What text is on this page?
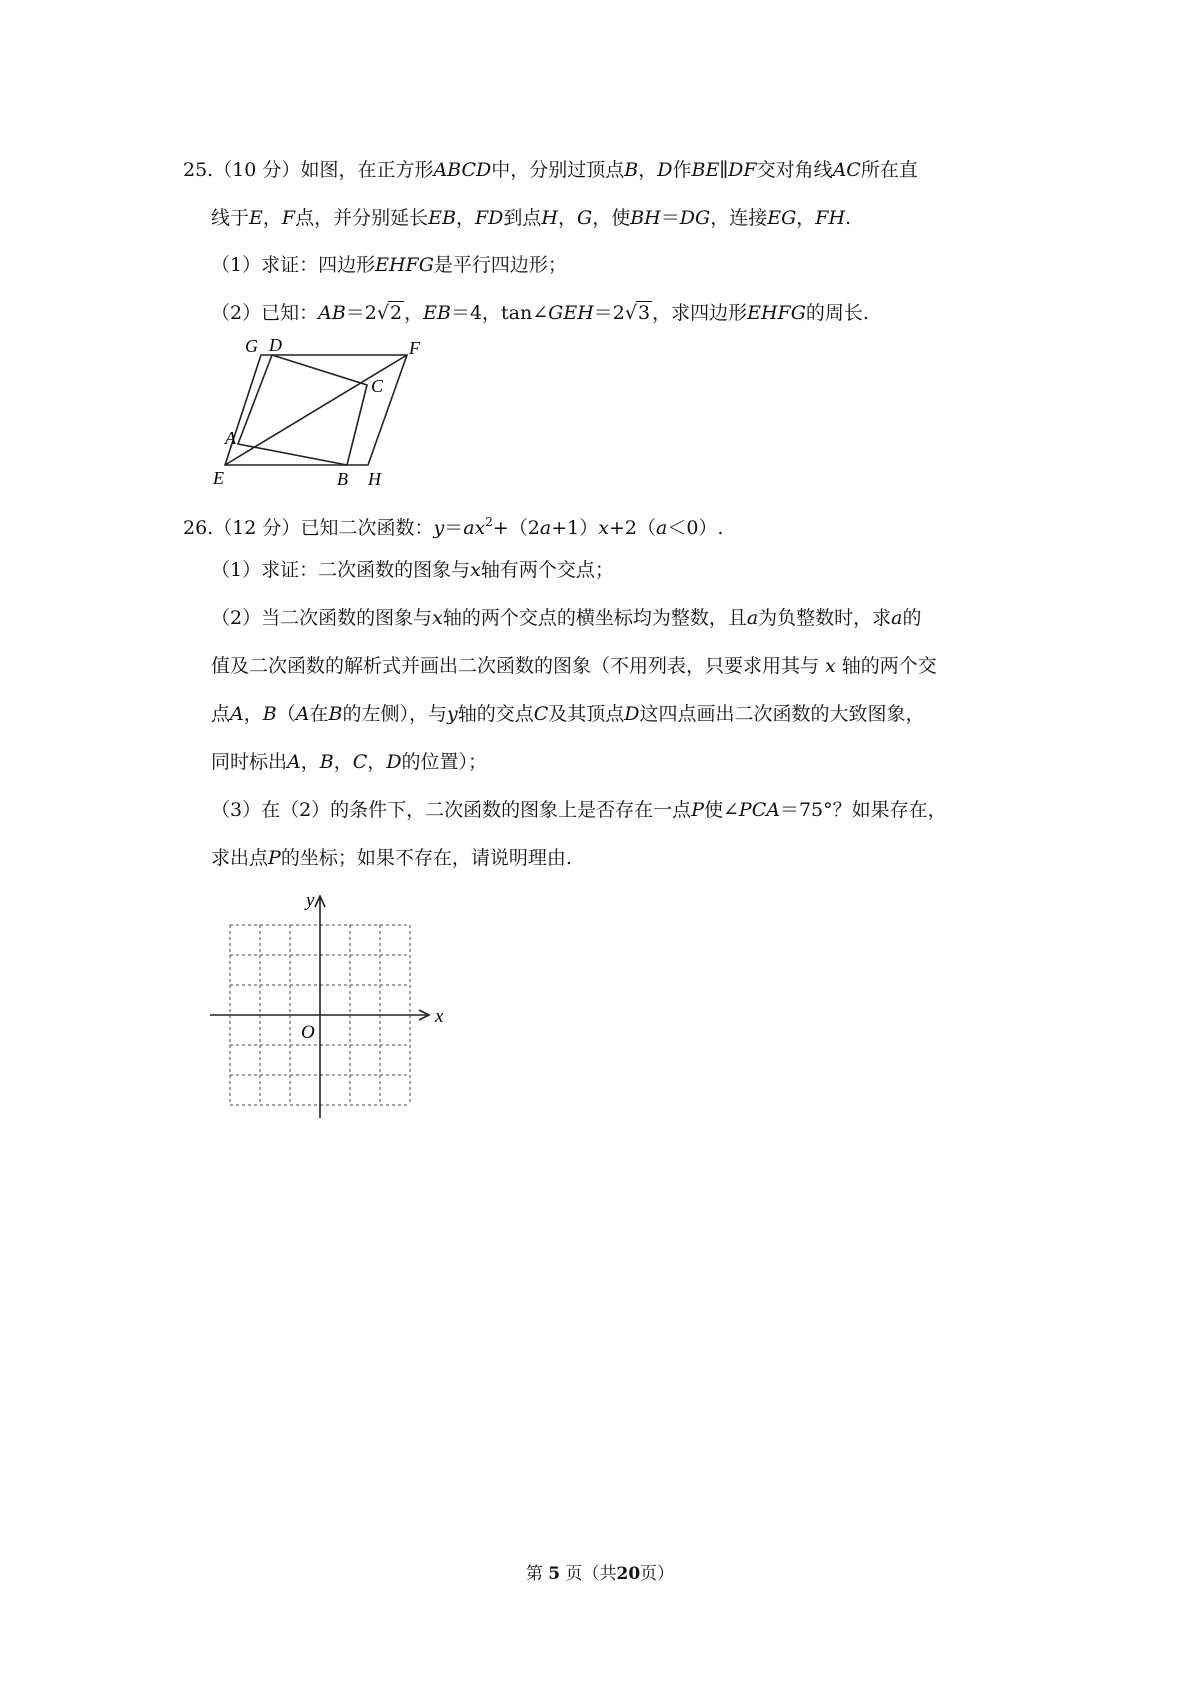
25.（10 分）如图，在正方形ABCD中，分别过顶点B，D作BE∥DF交对角线AC所在直
线于E，F点，并分别延长EB，FD到点H，G，使BH＝DG，连接EG，FH.
（1）求证：四边形EHFG是平行四边形；
（2）已知：AB＝2√2 ，EB＝4，tan∠GEH＝2√3 ，求四边形EHFG的周长.
G D	F
C
A
E	B H
26.（12 分）已知二次函数：$y=ax^2+(2a+1)x+2(a<0)$.
（1）求证：二次函数的图象与x轴有两个交点；
（2）当二次函数的图象与x轴的两个交点的横坐标均为整数，且a为负整数时，求a的
值及二次函数的解析式并画出二次函数的图象（不用列表，只要求用其与 x 轴的两个交
点A，B（A在B的左侧），与y轴的交点C及其顶点D这四点画出二次函数的大致图象，
同时标出A，B，C，D的位置）；
（3）在（2）的条件下，二次函数的图象上是否存在一点P使∠PCA＝75°？如果存在，
求出点P的坐标；如果不存在，请说明理由.
y
x
O
第 5 页（共20页）
